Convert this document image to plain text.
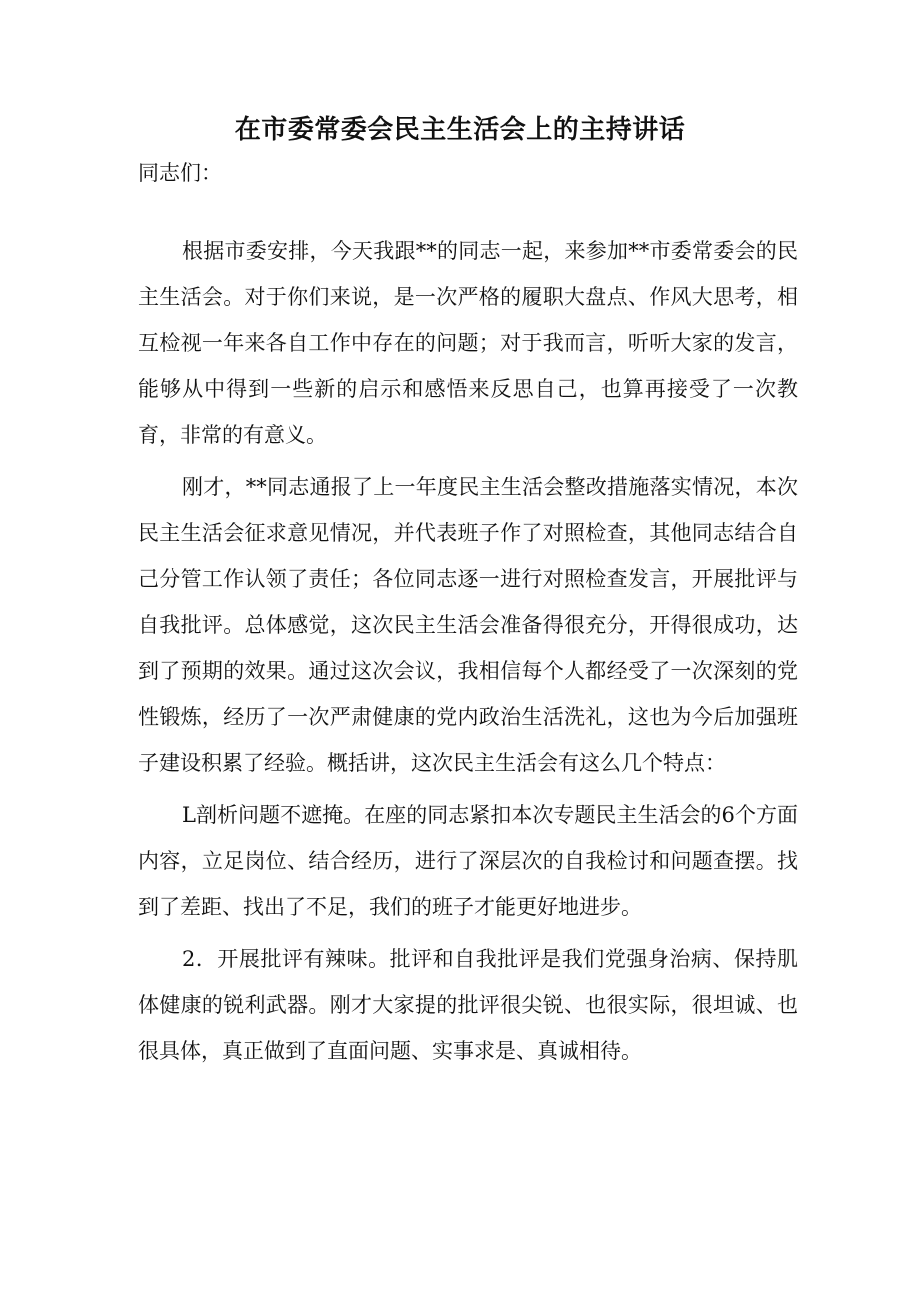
在市委常委会民主生活会上的主持讲话

同志们：

根据市委安排，今天我跟**的同志一起，来参加**市委常委会的民主生活会。对于你们来说，是一次严格的履职大盘点、作风大思考，相互检视一年来各自工作中存在的问题；对于我而言，听听大家的发言，能够从中得到一些新的启示和感悟来反思自己，也算再接受了一次教育，非常的有意义。

刚才，**同志通报了上一年度民主生活会整改措施落实情况，本次民主生活会征求意见情况，并代表班子作了对照检查，其他同志结合自己分管工作认领了责任；各位同志逐一进行对照检查发言，开展批评与自我批评。总体感觉，这次民主生活会准备得很充分，开得很成功，达到了预期的效果。通过这次会议，我相信每个人都经受了一次深刻的党性锻炼，经历了一次严肃健康的党内政治生活洗礼，这也为今后加强班子建设积累了经验。概括讲，这次民主生活会有这么几个特点：

L剖析问题不遮掩。在座的同志紧扣本次专题民主生活会的6个方面内容，立足岗位、结合经历，进行了深层次的自我检讨和问题查摆。找到了差距、找出了不足，我们的班子才能更好地进步。

2．开展批评有辣味。批评和自我批评是我们党强身治病、保持肌体健康的锐利武器。刚才大家提的批评很尖锐、也很实际，很坦诚、也很具体，真正做到了直面问题、实事求是、真诚相待。
